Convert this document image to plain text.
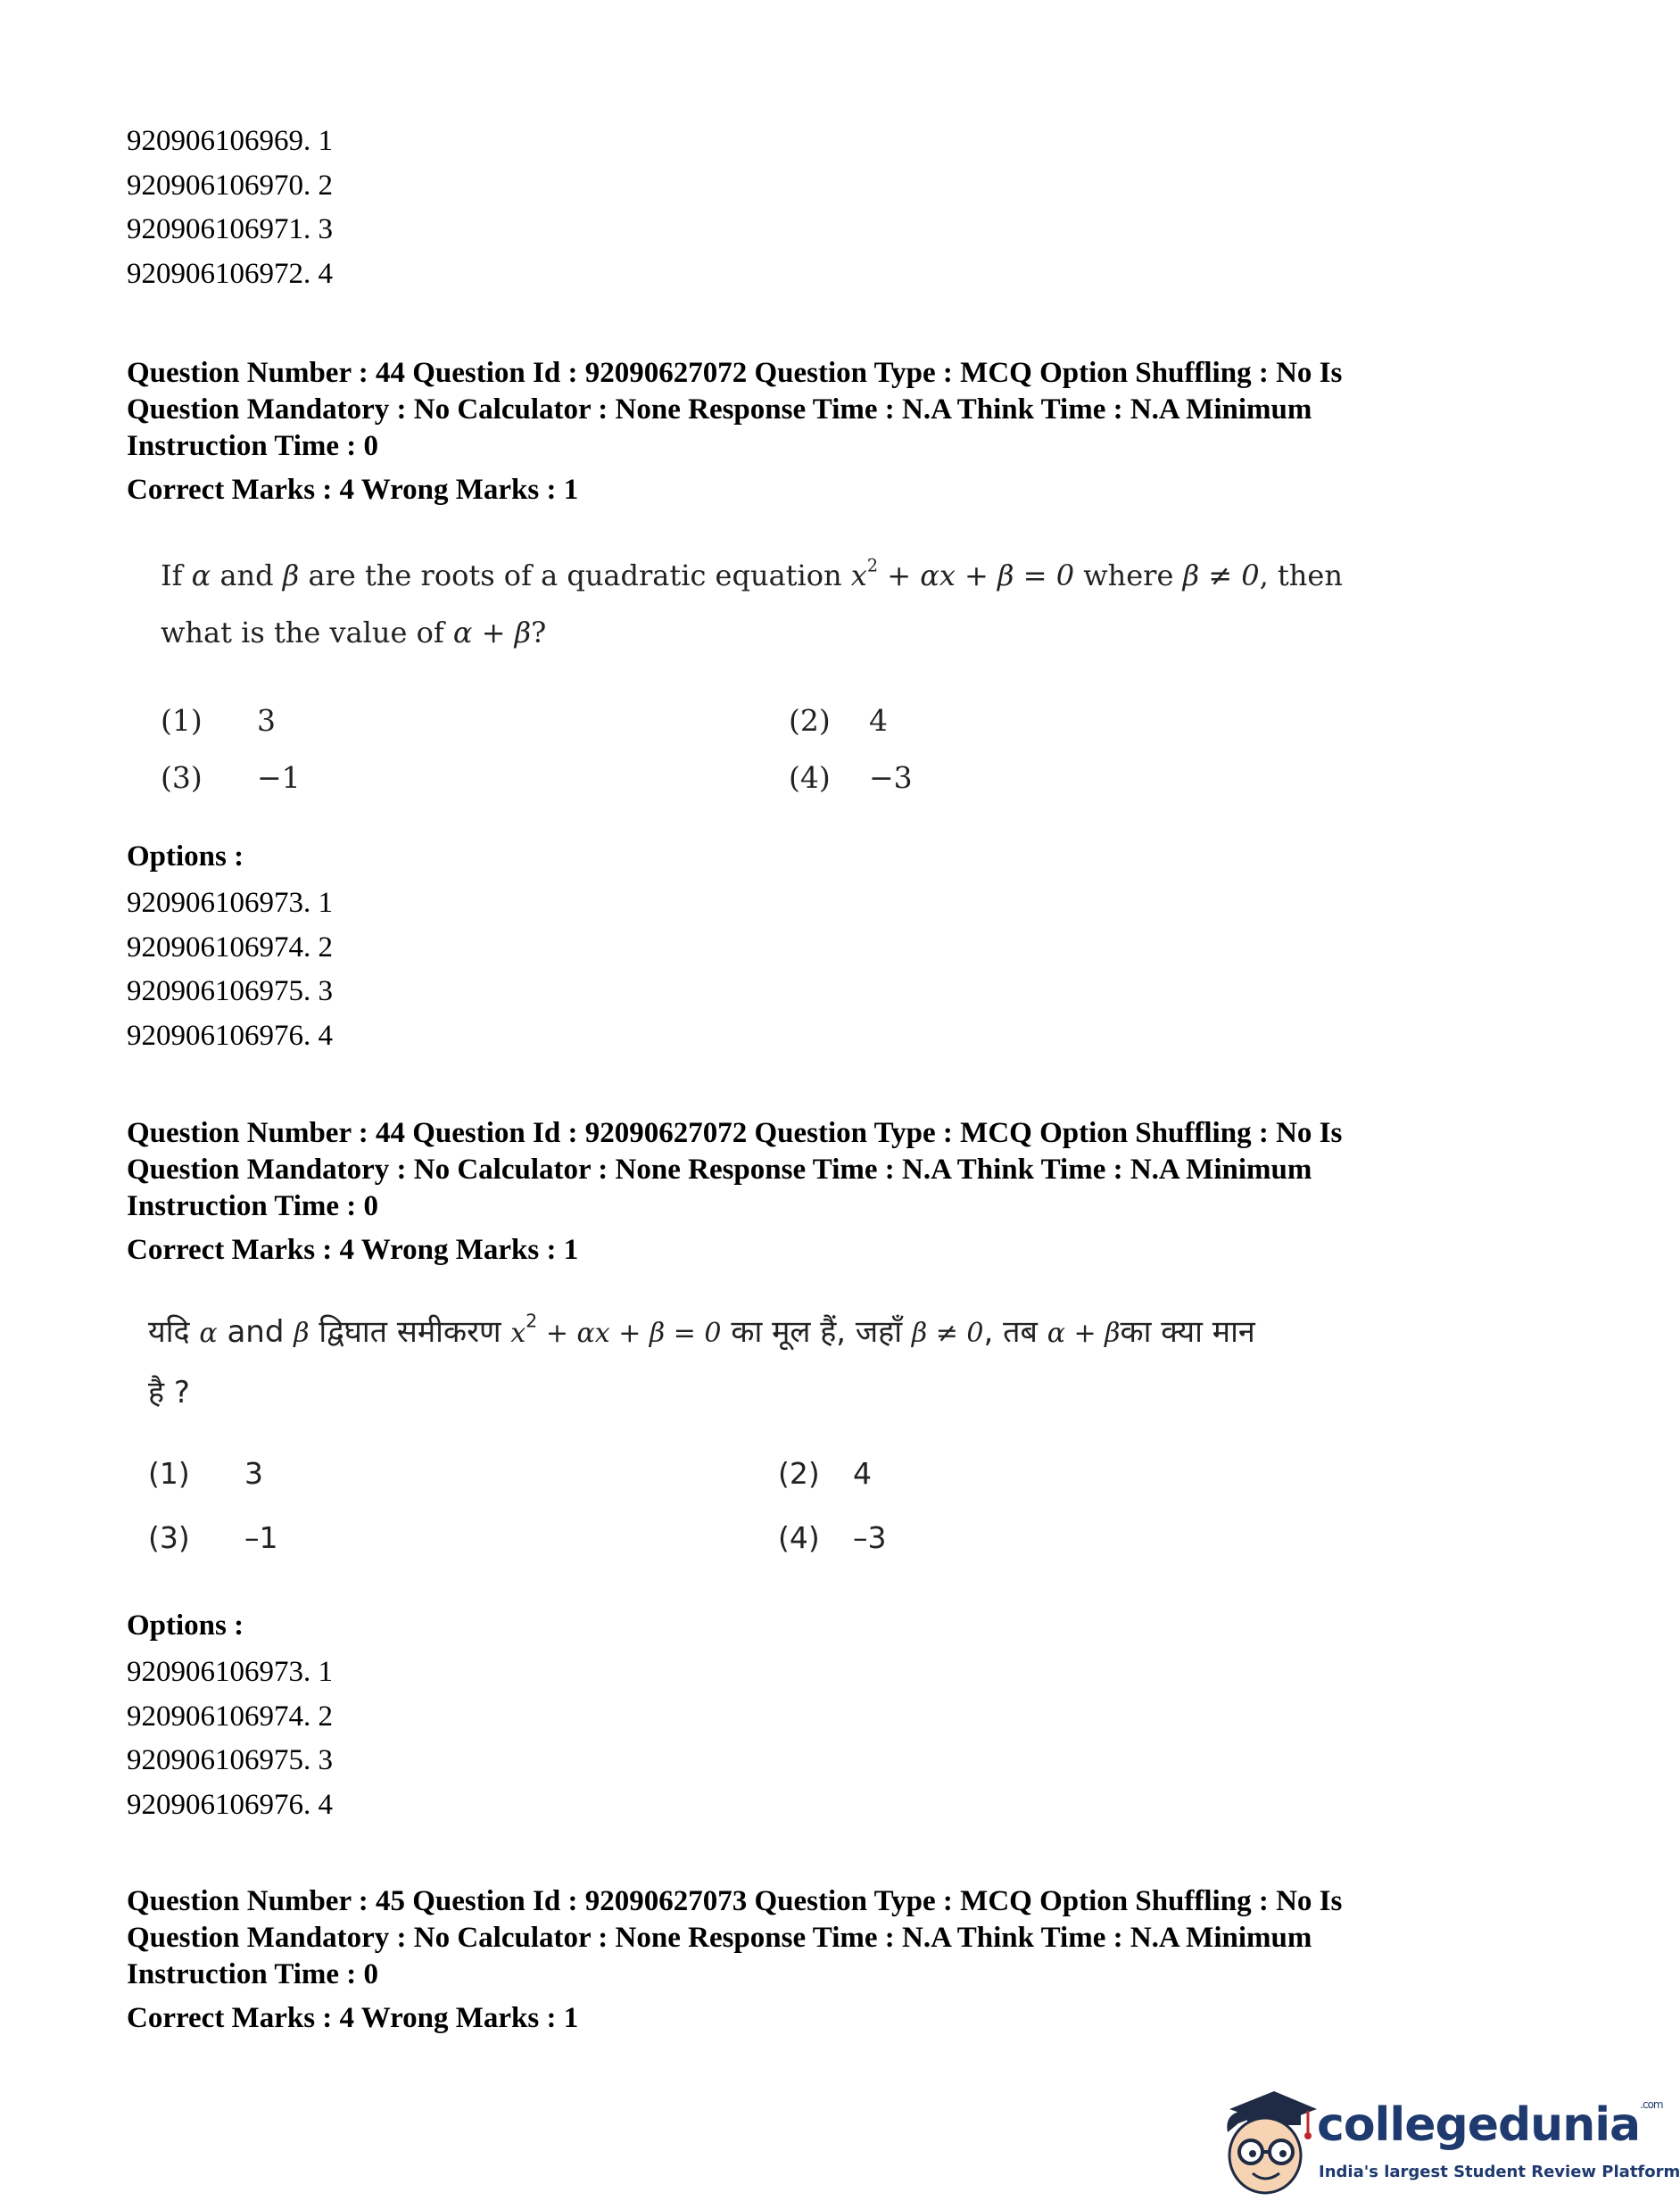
920906106969. 1
920906106970. 2
920906106971. 3
920906106972. 4
Question Number : 44 Question Id : 92090627072 Question Type : MCQ Option Shuffling : No Is
Question Mandatory : No Calculator : None Response Time : N.A Think Time : N.A Minimum
Instruction Time : 0
Correct Marks : 4 Wrong Marks : 1
If α and β are the roots of a quadratic equation $x^2 + \alpha x + \beta = 0$ where β ≠ 0, then
what is the value of α + β?
(1) 3	(2) 4
(3) −1	(4) −3
Options :
920906106973. 1
920906106974. 2
920906106975. 3
920906106976. 4
Question Number : 44 Question Id : 92090627072 Question Type : MCQ Option Shuffling : No Is
Question Mandatory : No Calculator : None Response Time : N.A Think Time : N.A Minimum
Instruction Time : 0
Correct Marks : 4 Wrong Marks : 1
यदि α and β द्विघात समीकरण $x^2 + \alpha x + \beta = 0$ का मूल हैं, जहाँ β ≠ 0, तब α + βका क्या मान
है ?
(1) 3	(2) 4
(3) –1	(4) –3
Options :
920906106973. 1
920906106974. 2
920906106975. 3
920906106976. 4
Question Number : 45 Question Id : 92090627073 Question Type : MCQ Option Shuffling : No Is
Question Mandatory : No Calculator : None Response Time : N.A Think Time : N.A Minimum
Instruction Time : 0
Correct Marks : 4 Wrong Marks : 1
collegedunia$^{.com}$
India's largest Student Review Platform
